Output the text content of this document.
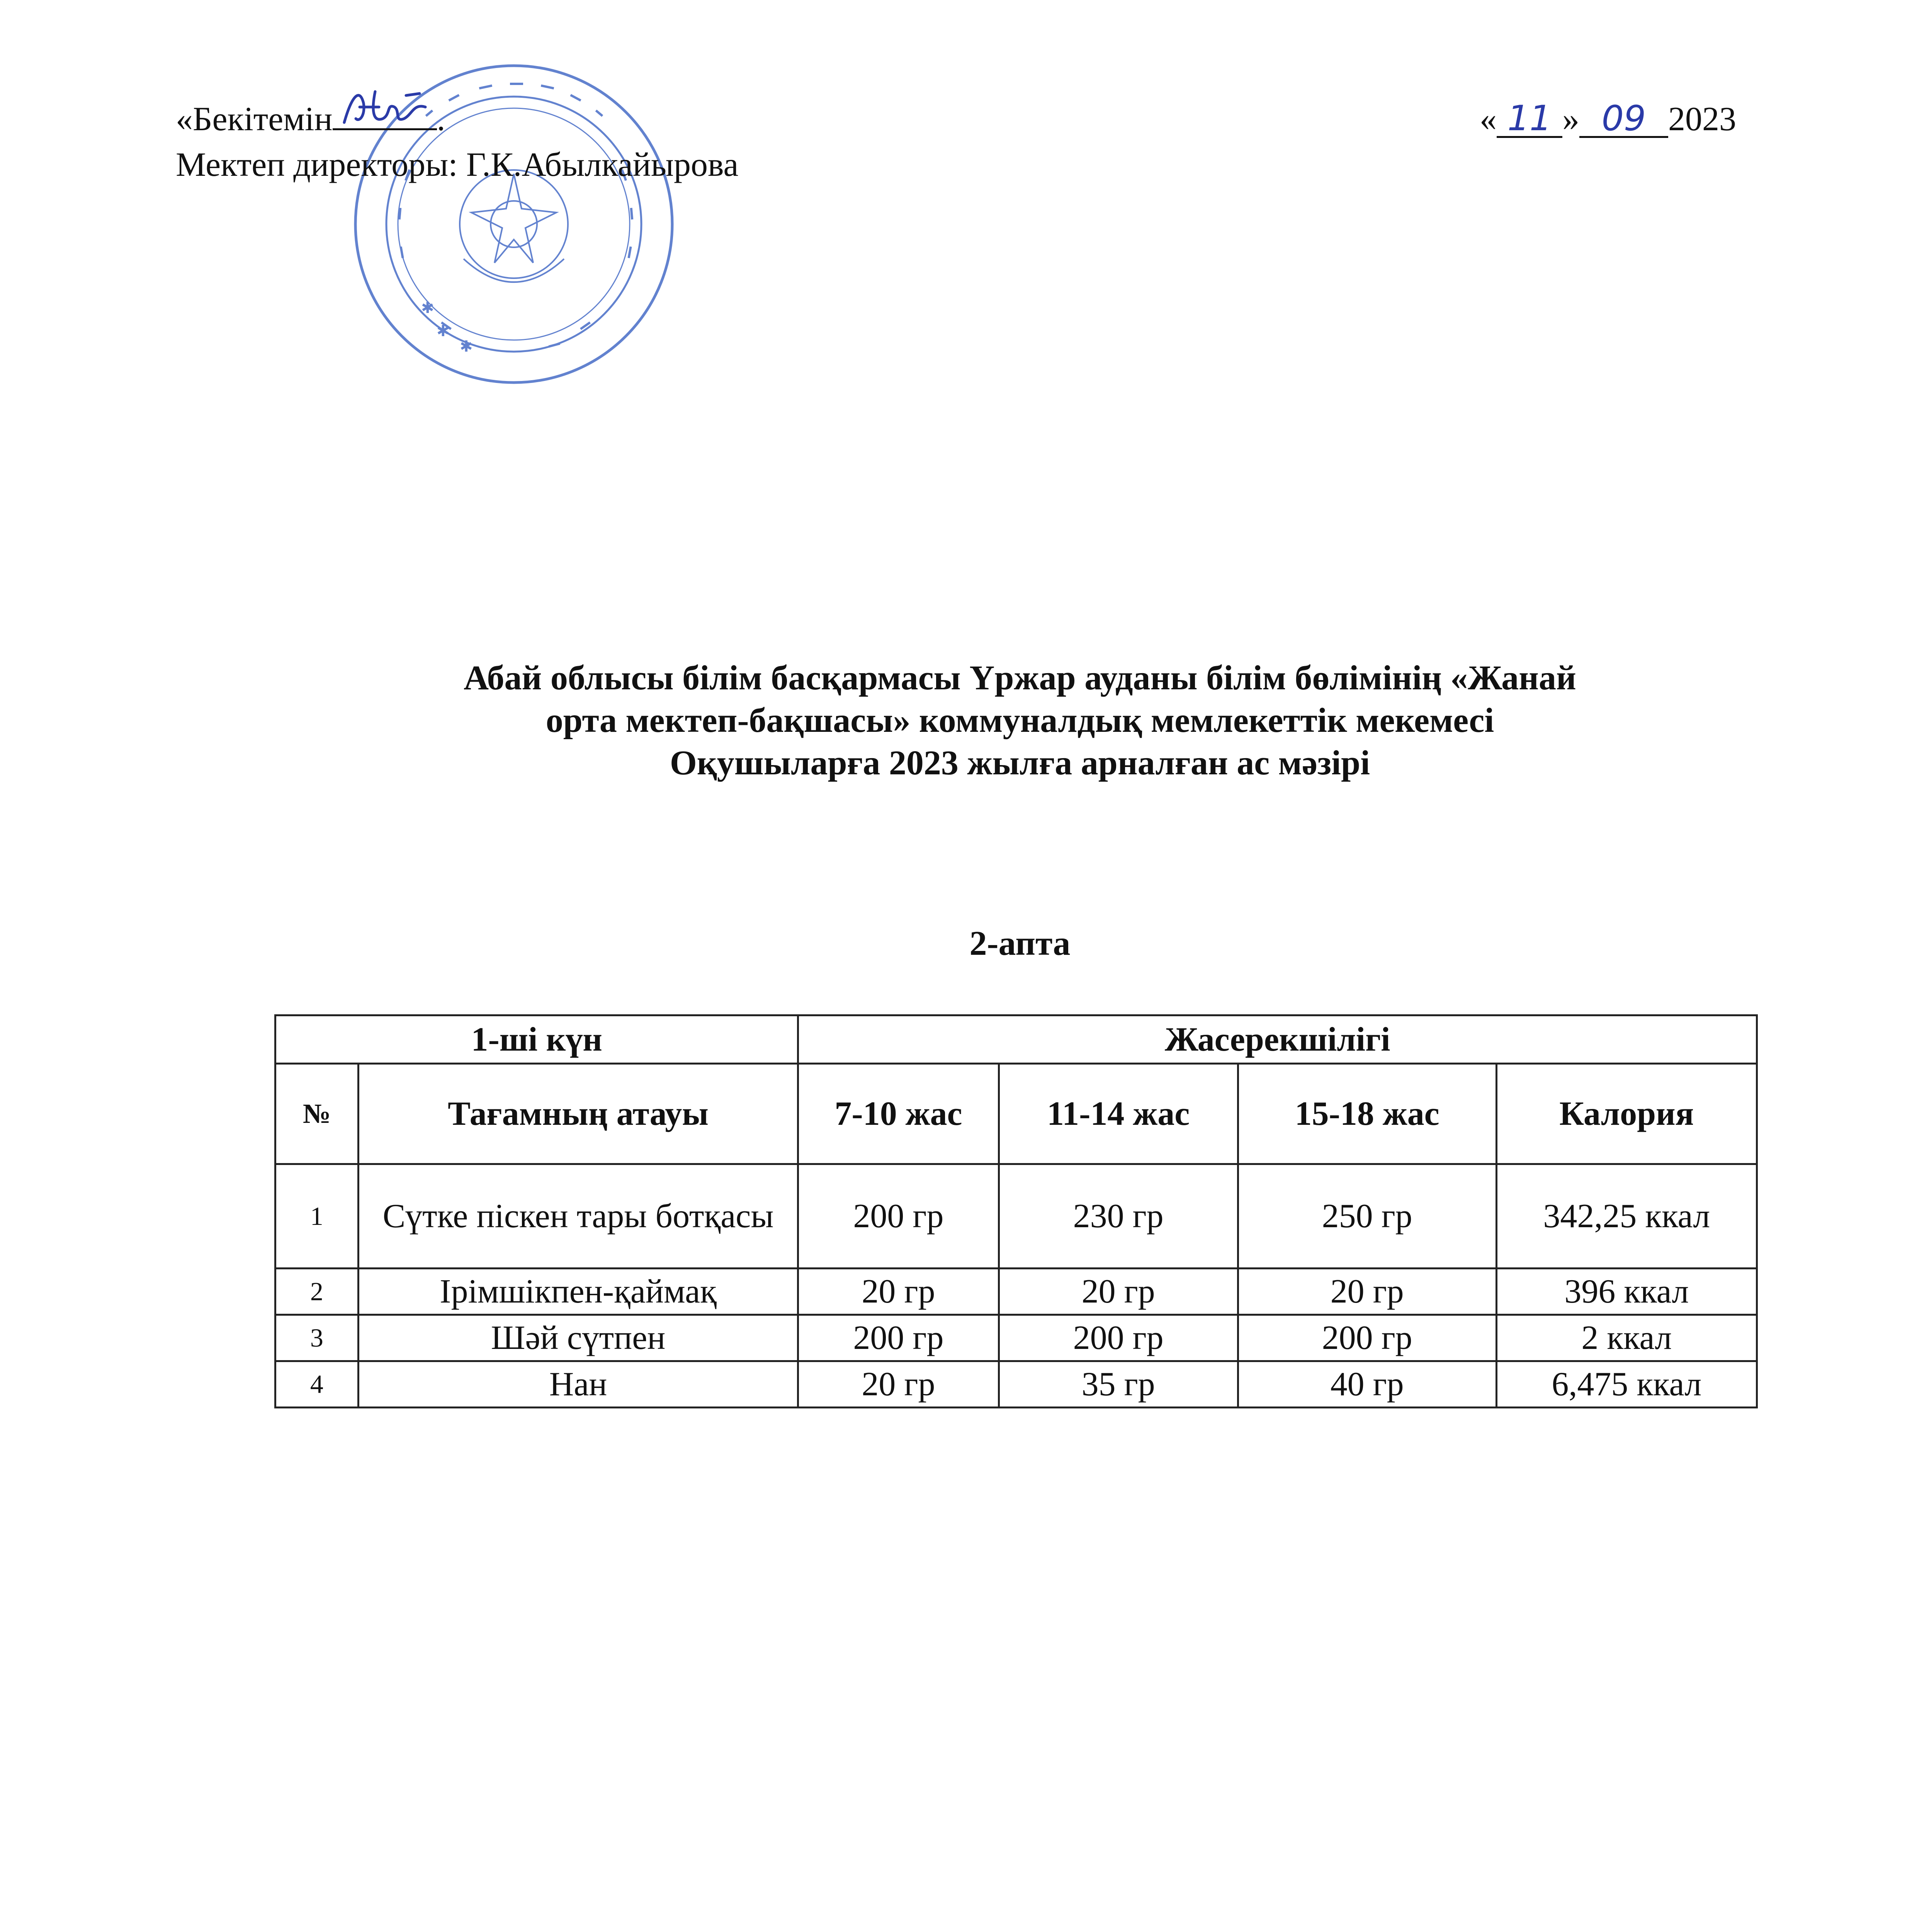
✱
✱
✱
«Бекітемін	.
Мектеп директоры: Г.К.Абылкайырова
« 11 » 09 2023
Абай облысы білім басқармасы Үржар ауданы білім бөлімінің «Жанай
орта мектеп-бақшасы» коммуналдық мемлекеттік мекемесі
Оқушыларға 2023 жылға арналған ас мәзірі
2-апта
1-ші күн		Жасерекшілігі			
№	Тағамның атауы	7-10 жас	11-14 жас	15-18 жас	Калория
1	Сүтке піскен тары ботқасы	200 гр	230 гр	250 гр	342,25 ккал
2	Ірімшікпен-қаймақ	20 гр	20 гр	20 гр	396 ккал
3	Шәй сүтпен	200 гр	200 гр	200 гр	2 ккал
4	Нан	20 гр	35 гр	40 гр	6,475 ккал
